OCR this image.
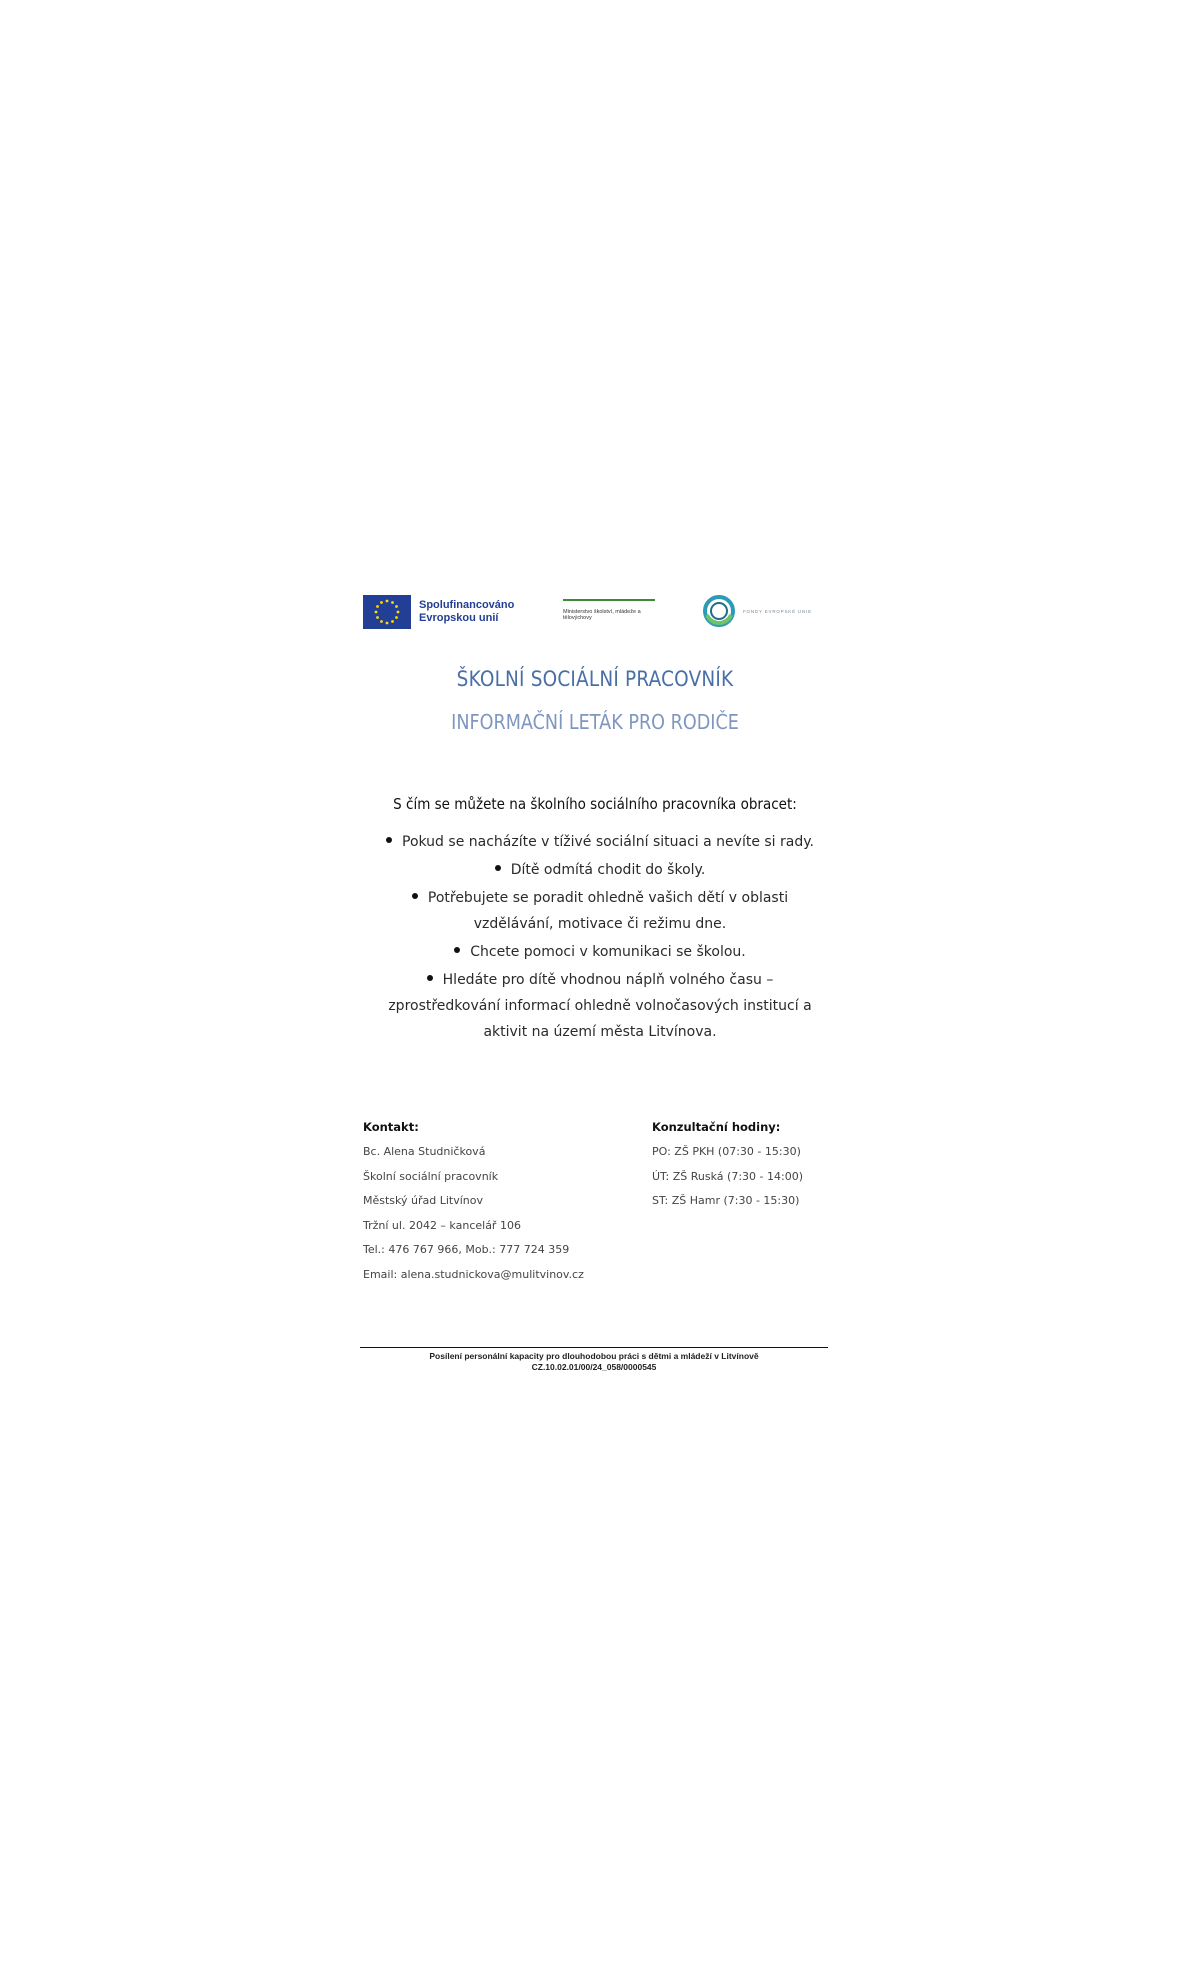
Spolufinancováno
Evropskou unií	Ministerstvo školství, mládeže a tělovýchovy
FONDY EVROPSKÉ UNIE
ŠKOLNÍ SOCIÁLNÍ PRACOVNÍK
INFORMAČNÍ LETÁK PRO RODIČE
S čím se můžete na školního sociálního pracovníka obracet:
Pokud se nacházíte v tíživé sociální situaci a nevíte si rady.
Dítě odmítá chodit do školy.
Potřebujete se poradit ohledně vašich dětí v oblasti vzdělávání, motivace či režimu dne.
Chcete pomoci v komunikaci se školou.
Hledáte pro dítě vhodnou náplň volného času – zprostředkování informací ohledně volnočasových institucí a aktivit na území města Litvínova.
Kontakt:
Bc. Alena Studničková
Školní sociální pracovník
Městský úřad Litvínov
Tržní ul. 2042 – kancelář 106
Tel.: 476 767 966, Mob.: 777 724 359
Email: alena.studnickova@mulitvinov.cz
Konzultační hodiny:
PO: ZŠ PKH (07:30 - 15:30)
ÚT: ZŠ Ruská (7:30 - 14:00)
ST: ZŠ Hamr (7:30 - 15:30)
Posílení personální kapacity pro dlouhodobou práci s dětmi a mládeží v Litvínově
CZ.10.02.01/00/24_058/0000545
